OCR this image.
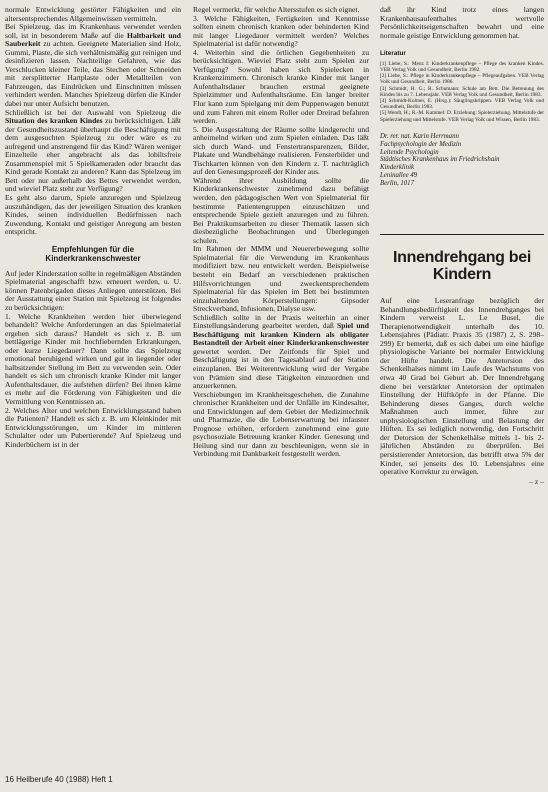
normale Entwicklung gestörter Fähigkeiten und ein altersentsprechendes Allgemeinwissen vermitteln.

Bei Spielzeug, das im Krankenhaus verwendet werden soll, ist in besonderem Maße auf die Haltbarkeit und Sauberkeit zu achten. Geeignete Materialien sind Holz, Gummi, Plaste, die sich verhältnismäßig gut reinigen und desinfizieren lassen. Nachteilige Gefahren, wie das Verschlucken kleiner Teile, das Stechen oder Schneiden mit zersplitterter Hartplaste oder Metallteilen von Fahrzeugen, das Eindrücken und Einschnitten müssen verhindert werden. Manches Spielzeug dürfen die Kinder dabei nur unter Aufsicht benutzen.

Schließlich ist bei der Auswahl von Spielzeug die Situation des kranken Kindes zu berücksichtigen. Läßt der Gesundheitszustand überhaupt die Beschäftigung mit dem ausgesuchten Spielzeug zu oder wäre es zu aufregend und anstrengend für das Kind? Wären weniger Einzelteile eher angebracht als das lobiltsfreie Zusammenspiel mit 5 Spielkameraden oder braucht das Kind gerade Kontakt zu anderen? Kann das Spielzeug im Bett oder nur außerhalb des Bettes verwendet werden, und wieviel Platz steht zur Verfügung?

Es geht also darum, Spiele anzuregen und Spielzeug auszuhändigen, das der jeweiligen Situation des kranken Kindes, seinen individuellen Bedürfnissen nach Zuwendung, Kontakt und geistiger Anregung am besten entspricht.

Empfehlungen für die Kinderkrankenschwester

Auf jeder Kinderstation sollte in regelmäßigen Abständen Spielmaterial angeschafft bzw. erneuert werden, u. U. können Patenbrigaden dieses Anliegen unterstützen. Bei der Ausstattung einer Station mit Spielzeug ist folgendes zu berücksichtigen:

1. Welche Krankheiten werden hier überwiegend behandelt? Welche Anforderungen an das Spielmaterial ergeben sich daraus? Handelt es sich z. B. um bettlägerige Kinder mit hochfiebernden Erkrankungen, oder kurze Liegedauer? Dann sollte das Spielzeug emotional beruhigend wirken und gut in liegender oder halbsitzender Stellung im Bett zu verwenden sein. Oder handelt es sich um chronisch kranke Kinder mit langer Aufenthaltsdauer, die aufstehen dürfen? Bei ihnen käme es mehr auf die Förderung von Fähigkeiten und die Vermittlung von Kenntnissen an.

2. Welches Alter und welchen Entwicklungsstand haben die Patienten? Handelt es sich z. B. um Kleinkinder mit Entwicklungsstörungen, um Kinder im mittleren Schulalter oder um Pubertierende? Auf Spielzeug und Kinderbüchern ist in der

Regel vermerkt, für welche Altersstufen es sich eignet.

3. Welche Fähigkeiten, Fertigkeiten und Kenntnisse sollten einem chronisch kranken oder behinderten Kind mit langer Liegedauer vermittelt werden? Welches Spielmaterial ist dafür notwendig?

4. Weiterhin sind die örtlichen Gegebenheiten zu berücksichtigen. Wieviel Platz steht zum Spielen zur Verfügung? Sowohl haben sich Spielecken in Krankenzimmern. Chronisch kranke Kinder mit langer Aufenthaltsdauer brauchen erstmal geeignete Spielzimmer und Aufenthaltsräume. Ein langer breiter Flur kann zum Spielgang mit dem Puppenwagen benutzt und zum Fahren mit einem Roller oder Dreirad befahren werden.

5. Die Ausgestaltung der Räume sollte kindgerecht und anheimelnd wirken und zum Spielen einladen. Das läßt sich durch Wand- und Fenstertransparenzen, Bilder, Plakate und Wandbehänge realisieren. Fensterbilder und Tischkarten können von den Kindern z. T. nachträglich auf den Genesungsprozeß der Kinder aus.

Während ihrer Ausbildung sollte die Kinderkrankenschwester zunehmend dazu befähigt werden, den pädagogischen Wert von Spielmaterial für bestimmte Patientengruppen einzuschätzen und entsprechende Spiele gezielt anzuregen und zu führen. Bei Praktikumsarbeiten zu dieser Thematik lassen sich diesbezügliche Beobachtungen und Überlegungen schulen.

Im Rahmen der MMM und Neuererbewegung sollte Spielmaterial für die Verwendung im Krankenhaus modifiziert bzw. neu entwickelt werden. Beispielweise besteht ein Bedarf an verschiedenen praktischen Hilfsvorrichtungen und zweckentsprechendem Spielmaterial für das Spielen im Bett bei bestimmten einzuhaltenden Körperstellungen: Gipsoder Streckverband, Infusionen, Dialyse usw.

Schließlich sollte in der Praxis weiterhin an einer Einstellungsänderung gearbeitet werden, daß Spiel und Beschäftigung mit kranken Kindern als obligater Bestandteil der Arbeit einer Kinderkrankenschwester gewertet werden. Der Zeitfonds für Spiel und Beschäftigung ist in den Tagesablauf auf der Station einzuplanen. Bei Weiterentwicklung wird der Vergabe von Prämien sind diese Tätigkeiten einzuordnen und anzuerkennen.

Verschiebungen im Krankheitsgeschehen, die Zunahme chronischer Krankheiten und der Unfälle im Kindesalter, und Entwicklungen auf dem Gebiet der Medizintechnik und Pharmazie, die die Lebenserwartung bei infauster Prognose erhöhen, erfordern zunehmend eine gute psychosoziale Betreuung kranker Kinder. Genesung und Heilung sind nur dann zu beschleunigen, wenn sie in Verbindung mit Dankbarkeit festgestellt werden.

daß ihr Kind trotz eines langen Krankenhausaufenthaltes wertvolle Persönlichkeitseigenschaften bewahrt und eine normale geistige Entwicklung genommen hat.

Literatur

[1] Liebe, S.: Menz I: Kinderkrankenpflege – Pflege des kranken Kindes. VEB Verlag Volk und Gesundheit, Berlin 1982.

[2] Liebe, S.: Pflege in Kinderkrankenpflege – Pflegeaufgaben. VEB Verlag Volk und Gesundheit, Berlin 1986.

[3] Schmidt, H. G.; R. Schumann: Schule am Bett. Die Betreuung des Kindes bis zu 7. Lebensjahr. VEB Verlag Volk und Gesundheit, Berlin 1983.

[4] Schmidt-Kolmer, E. (Hrsg.): Säuglingskrippen. VEB Verlag Volk und Gesundheit, Berlin 1983.

[5] Wendt, H.; R.-M. Kammel: D. Erziehung: Spielerziehung. Mittelstufe der Spielerziehung und Mittelstufe. VEB Verlag Volk und Wissen, Berlin 1983.

Dr. rer. nat. Karin Herrmann
Fachpsychologin der Medizin
Leitende Psychologin
Städtisches Krankenhaus im Friedrichshain
Kinderklinik
Leninallee 49
Berlin, 1017
Innendrehgang bei Kindern

Auf eine Leseranfrage bezüglich der Behandlungsbedürftigkeit des Innendrehganges bei Kindern verweist L. Le Busel, die Therapienotwendigkeit unterhalb des 10. Lebensjahres (Pädiatr. Praxis 35 (1987) 2, S. 298–299) Er bemerkt, daß es sich dabei um eine häufige physiologische Variante bei normaler Entwicklung der Hüfte handelt. Die Antetorsion des Schenkelhalses nimmt im Laufe des Wachstums von etwa 40 Grad bei Geburt ab. Der Innendrehgang diene bei verstärkter Antetorsion der optimalen Einstellung der Hüftköpfe in der Pfanne. Die Behinderung dieses Ganges, durch welche Maßnahmen auch immer, führe zur unphysiologischen Einstellung und Belastung der Hüften. Es sei lediglich notwendig, den Fortschritt der Detorsion der Schenkelhälse mittels 1- bis 2-jährlichen Abständen zu überprüfen. Bei persistierender Antetorsion, das betrifft etwa 5% der Kinder, sei jenseits des 10. Lebensjahres eine operative Korrektur zu erwägen.

– z –
16 Heilberufe 40 (1988) Heft 1
